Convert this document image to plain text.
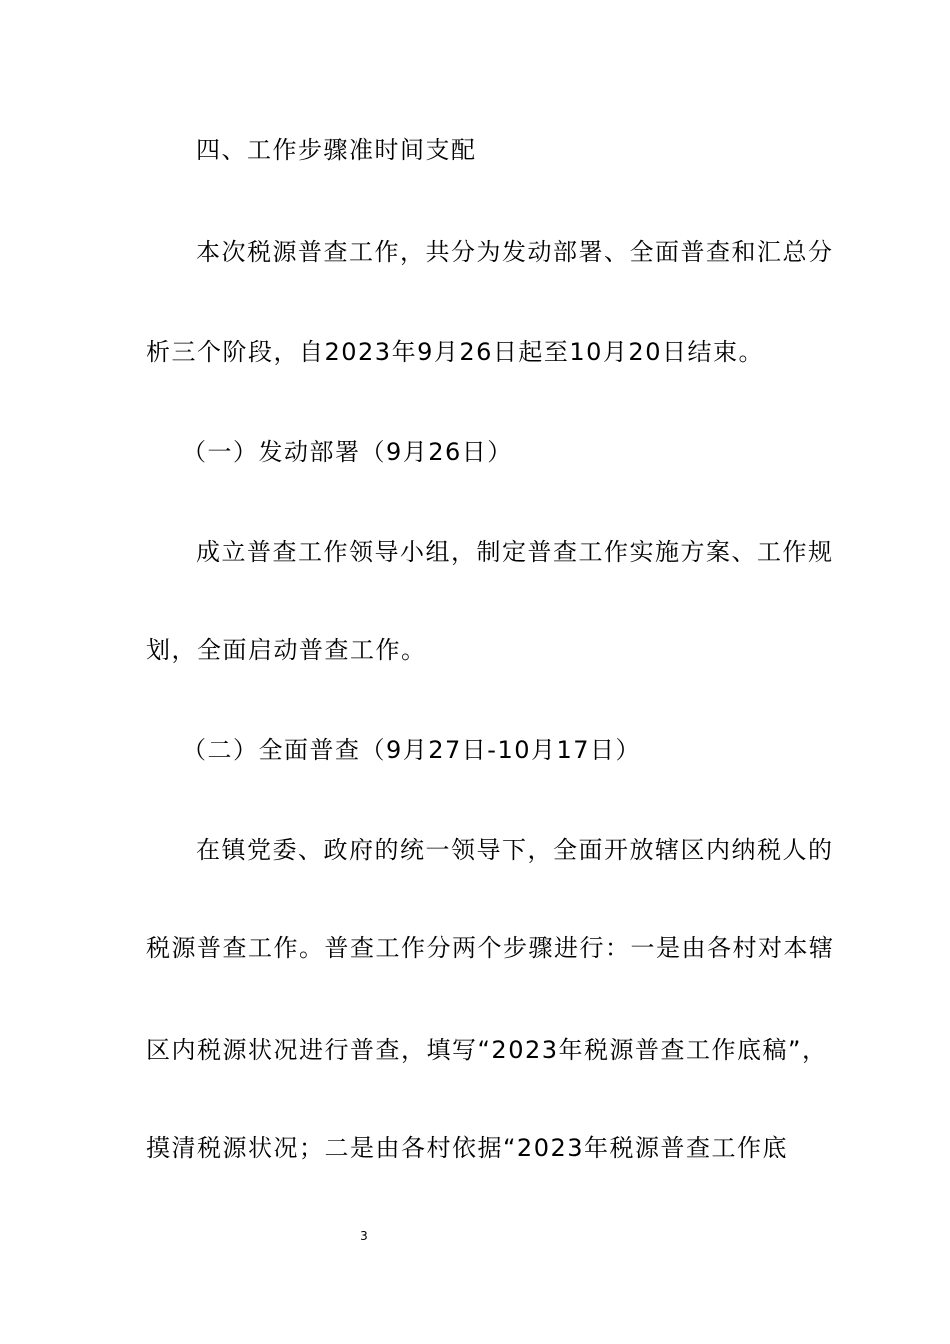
四、工作步骤准时间支配
本次税源普查工作，共分为发动部署、全面普查和汇总分
析三个阶段，自2023年9月26日起至10月20日结束。
（一）发动部署（9月26日）
成立普查工作领导小组，制定普查工作实施方案、工作规
划，全面启动普查工作。
（二）全面普查（9月27日-10月17日）
在镇党委、政府的统一领导下，全面开放辖区内纳税人的
税源普查工作。普查工作分两个步骤进行：一是由各村对本辖
区内税源状况进行普查，填写“2023年税源普查工作底稿”，
摸清税源状况；二是由各村依据“2023年税源普查工作底
3
